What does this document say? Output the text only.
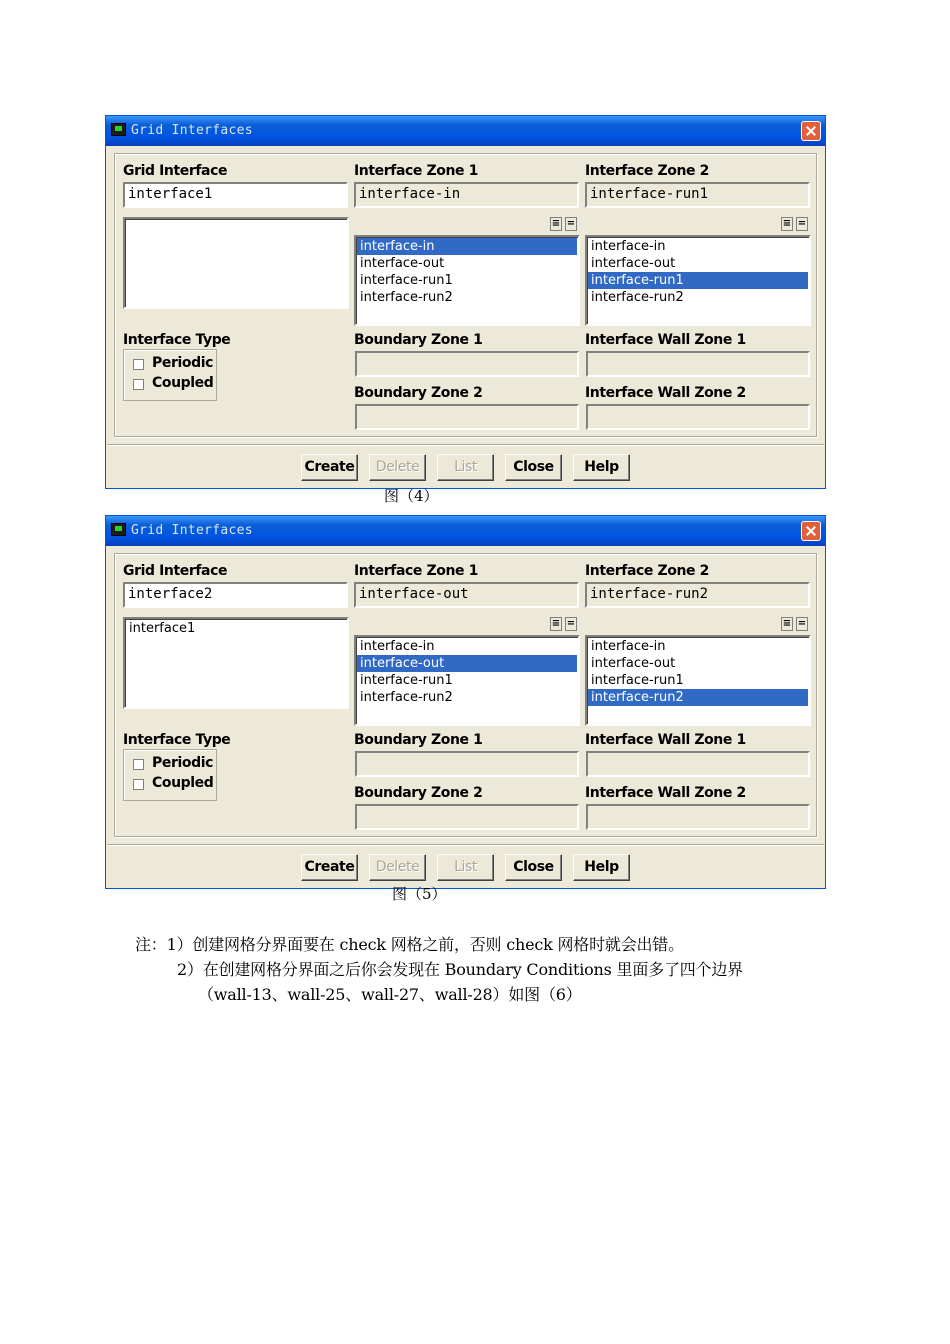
Grid Interfaces
Grid Interface
interface1
Interface Zone 1
interface-in
≡ =
interface-in
interface-out
interface-run1
interface-run2
Interface Zone 2
interface-run1
≡ =
interface-in
interface-out
interface-run1
interface-run2
Interface Type
Periodic
Coupled
Boundary Zone 1
Boundary Zone 2
Interface Wall Zone 1
Interface Wall Zone 2
Create	Delete	List	Close	Help
图（4）
Grid Interfaces
Grid Interface
interface2
interface1
Interface Zone 1
interface-out
≡ =
interface-in
interface-out
interface-run1
interface-run2
Interface Zone 2
interface-run2
≡ =
interface-in
interface-out
interface-run1
interface-run2
Interface Type
Periodic
Coupled
Boundary Zone 1
Boundary Zone 2
Interface Wall Zone 1
Interface Wall Zone 2
Create	Delete	List	Close	Help
图（5）
注：1）创建网格分界面要在 check 网格之前，否则 check 网格时就会出错。
2）在创建网格分界面之后你会发现在 Boundary Conditions 里面多了四个边界
（wall-13、wall-25、wall-27、wall-28）如图（6）
